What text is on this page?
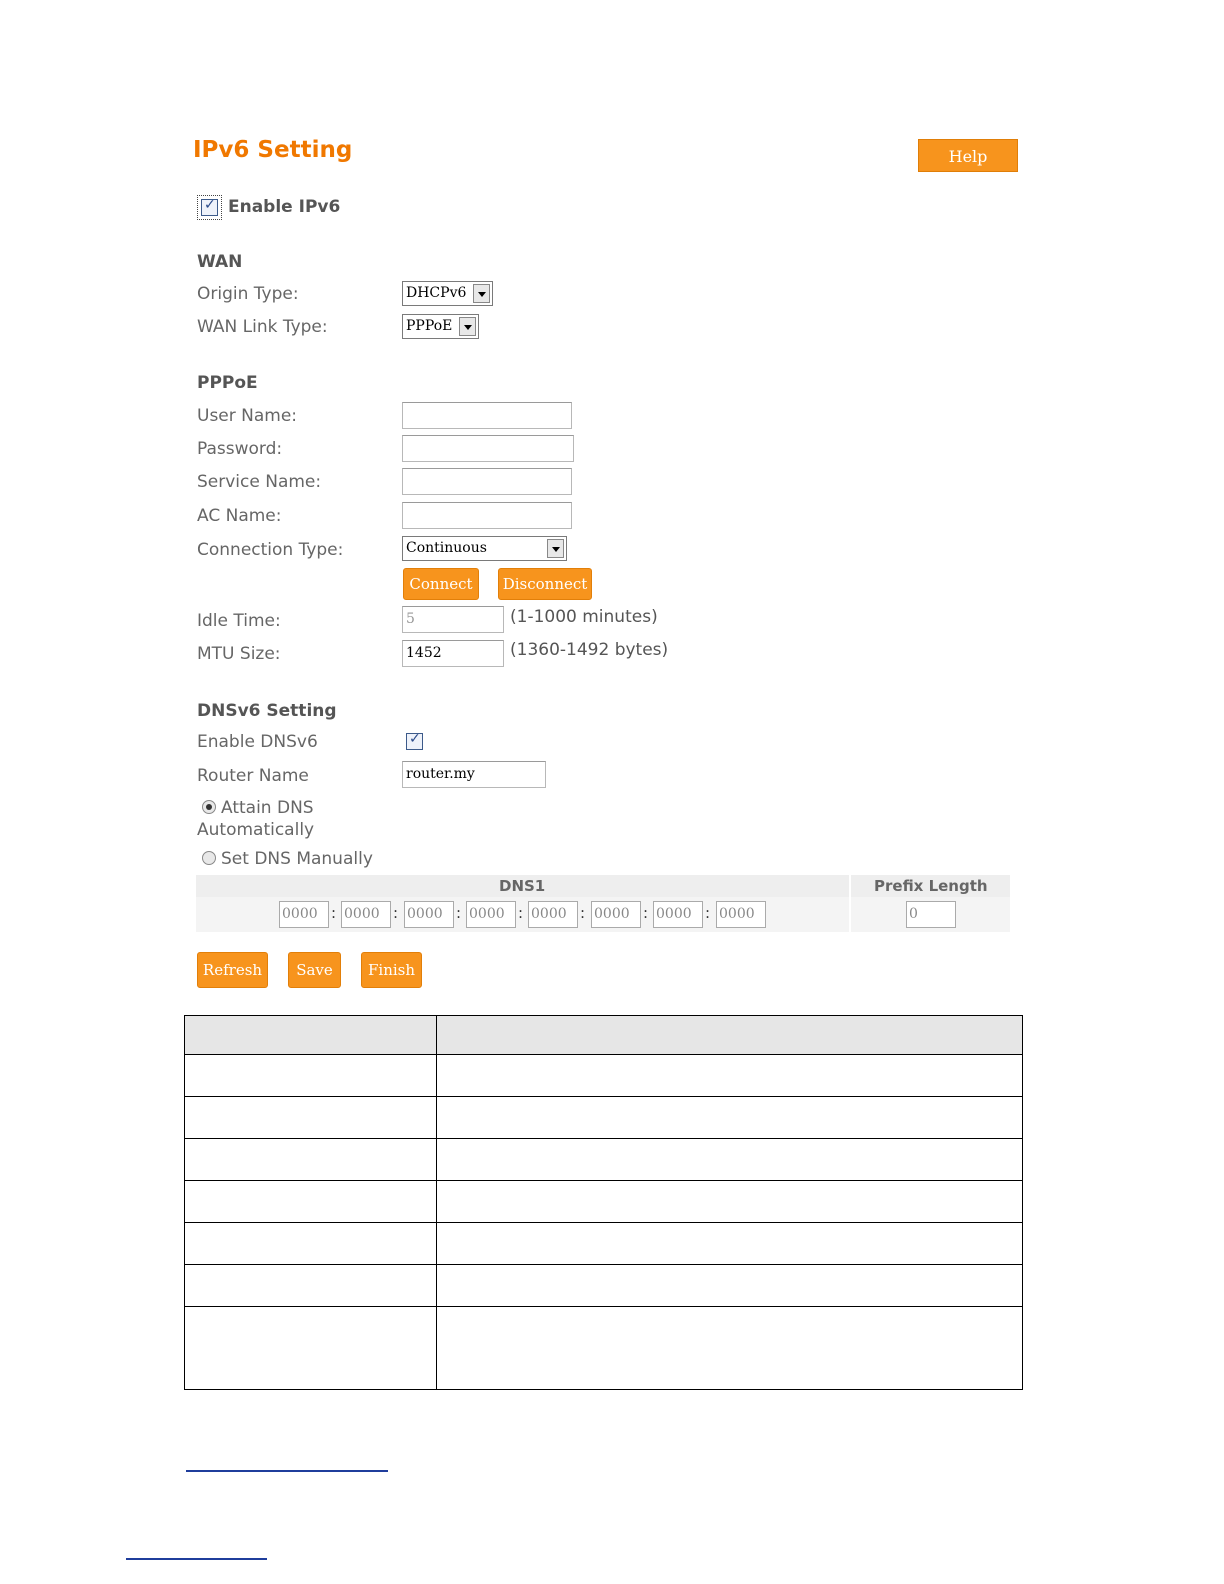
IPv6 Setting	Help
✓
Enable IPv6
WAN
Origin Type:	DHCPv6
WAN Link Type:	PPPoE
PPPoE
User Name:
Password:
Service Name:
AC Name:
Connection Type:	Continuous
Connect	Disconnect
Idle Time:	5	(1-1000 minutes)
MTU Size:	1452	(1360-1492 bytes)
DNSv6 Setting
Enable DNSv6
✓
Router Name	router.my
Attain DNS
Automatically
Set DNS Manually
DNS1	Prefix Length
0000 : 0000 : 0000 : 0000 : 0000 : 0000 : 0000 : 0000	0
Refresh	Save	Finish
